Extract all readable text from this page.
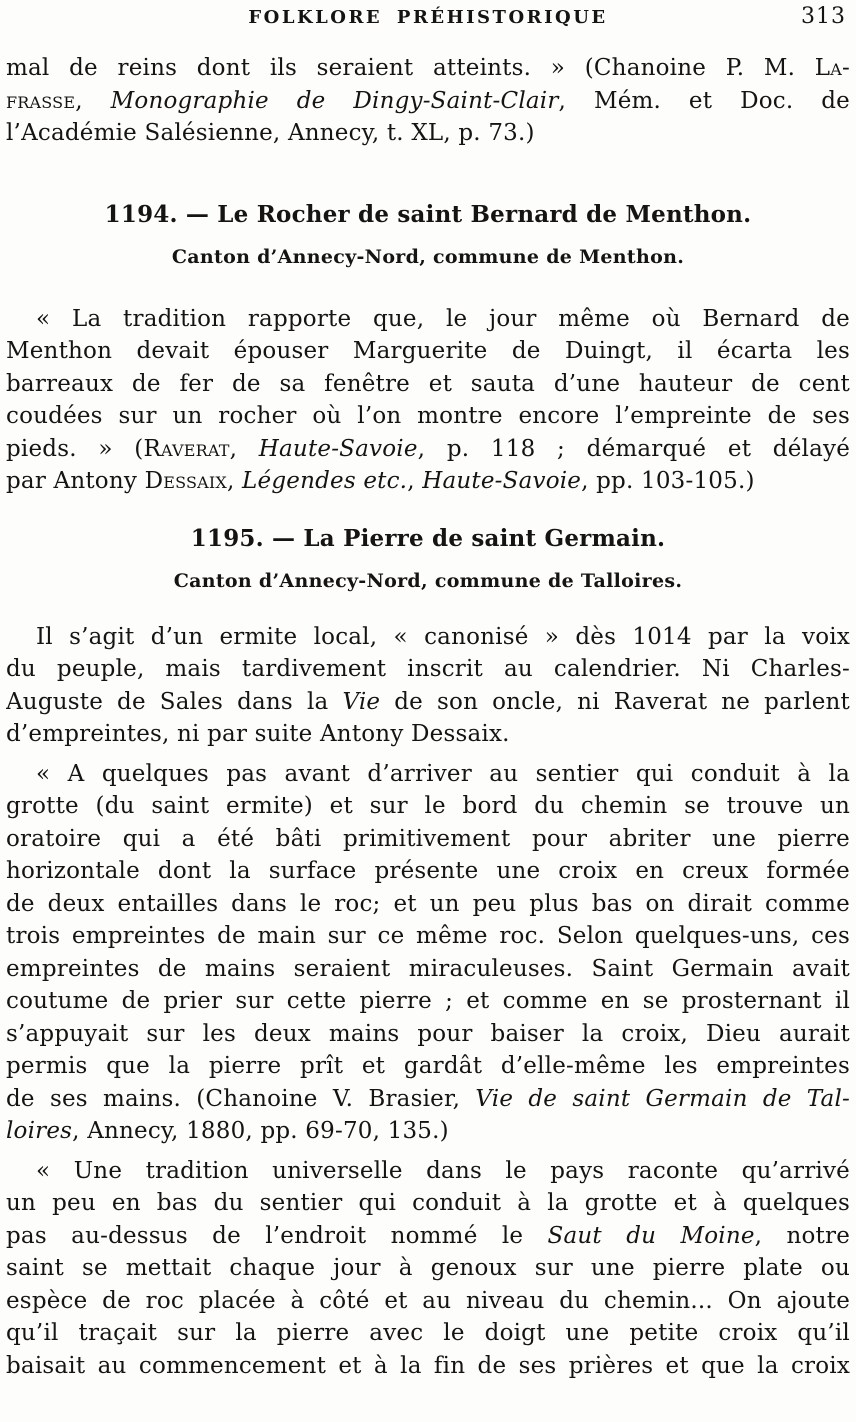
FOLKLORE PRÉHISTORIQUE	313
mal de reins dont ils seraient atteints. » (Chanoine P. M. La-
frasse, Monographie de Dingy-Saint-Clair, Mém. et Doc. de
l’Académie Salésienne, Annecy, t. XL, p. 73.)
1194. — Le Rocher de saint Bernard de Menthon.
Canton d’Annecy-Nord, commune de Menthon.
« La tradition rapporte que, le jour même où Bernard de
Menthon devait épouser Marguerite de Duingt, il écarta les
barreaux de fer de sa fenêtre et sauta d’une hauteur de cent
coudées sur un rocher où l’on montre encore l’empreinte de ses
pieds. » (Raverat, Haute-Savoie, p. 118 ; démarqué et délayé
par Antony Dessaix, Légendes etc., Haute-Savoie, pp. 103-105.)
1195. — La Pierre de saint Germain.
Canton d’Annecy-Nord, commune de Talloires.
Il s’agit d’un ermite local, « canonisé » dès 1014 par la voix
du peuple, mais tardivement inscrit au calendrier. Ni Charles-
Auguste de Sales dans la Vie de son oncle, ni Raverat ne parlent
d’empreintes, ni par suite Antony Dessaix.
« A quelques pas avant d’arriver au sentier qui conduit à la
grotte (du saint ermite) et sur le bord du chemin se trouve un
oratoire qui a été bâti primitivement pour abriter une pierre
horizontale dont la surface présente une croix en creux formée
de deux entailles dans le roc; et un peu plus bas on dirait comme
trois empreintes de main sur ce même roc. Selon quelques-uns, ces
empreintes de mains seraient miraculeuses. Saint Germain avait
coutume de prier sur cette pierre ; et comme en se prosternant il
s’appuyait sur les deux mains pour baiser la croix, Dieu aurait
permis que la pierre prît et gardât d’elle-même les empreintes
de ses mains. (Chanoine V. Brasier, Vie de saint Germain de Tal-
loires, Annecy, 1880, pp. 69-70, 135.)
« Une tradition universelle dans le pays raconte qu’arrivé
un peu en bas du sentier qui conduit à la grotte et à quelques
pas au-dessus de l’endroit nommé le Saut du Moine, notre
saint se mettait chaque jour à genoux sur une pierre plate ou
espèce de roc placée à côté et au niveau du chemin... On ajoute
qu’il traçait sur la pierre avec le doigt une petite croix qu’il
baisait au commencement et à la fin de ses prières et que la croix
